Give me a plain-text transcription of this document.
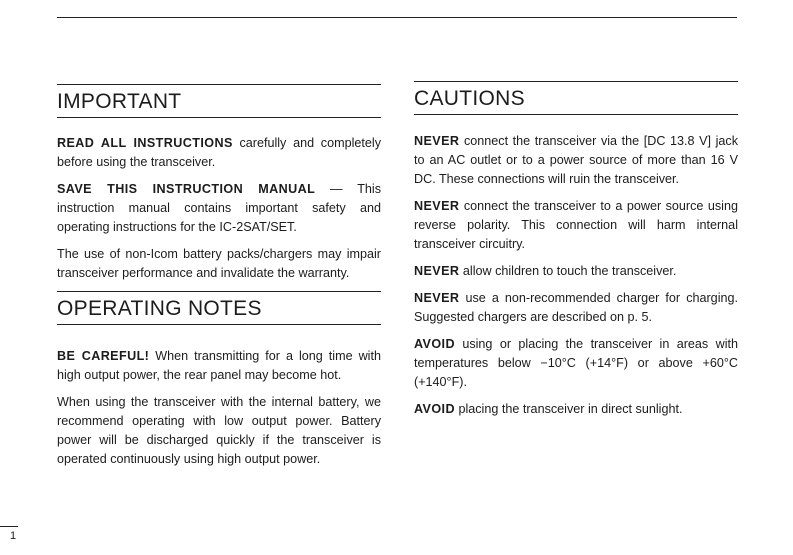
IMPORTANT

READ ALL INSTRUCTIONS carefully and completely before using the transceiver.

SAVE THIS INSTRUCTION MANUAL — This instruction manual contains important safety and operating instructions for the IC-2SAT/SET.

The use of non-Icom battery packs/chargers may impair transceiver performance and invalidate the warranty.

OPERATING NOTES

BE CAREFUL! When transmitting for a long time with high output power, the rear panel may become hot.

When using the transceiver with the internal battery, we recommend operating with low output power. Battery power will be discharged quickly if the transceiver is operated continuously using high output power.

CAUTIONS

NEVER connect the transceiver via the [DC 13.8 V] jack to an AC outlet or to a power source of more than 16 V DC. These connections will ruin the transceiver.

NEVER connect the transceiver to a power source using reverse polarity. This connection will harm internal transceiver circuitry.

NEVER allow children to touch the transceiver.

NEVER use a non-recommended charger for charging. Suggested chargers are described on p. 5.

AVOID using or placing the transceiver in areas with temperatures below −10°C (+14°F) or above +60°C (+140°F).

AVOID placing the transceiver in direct sunlight.

1
